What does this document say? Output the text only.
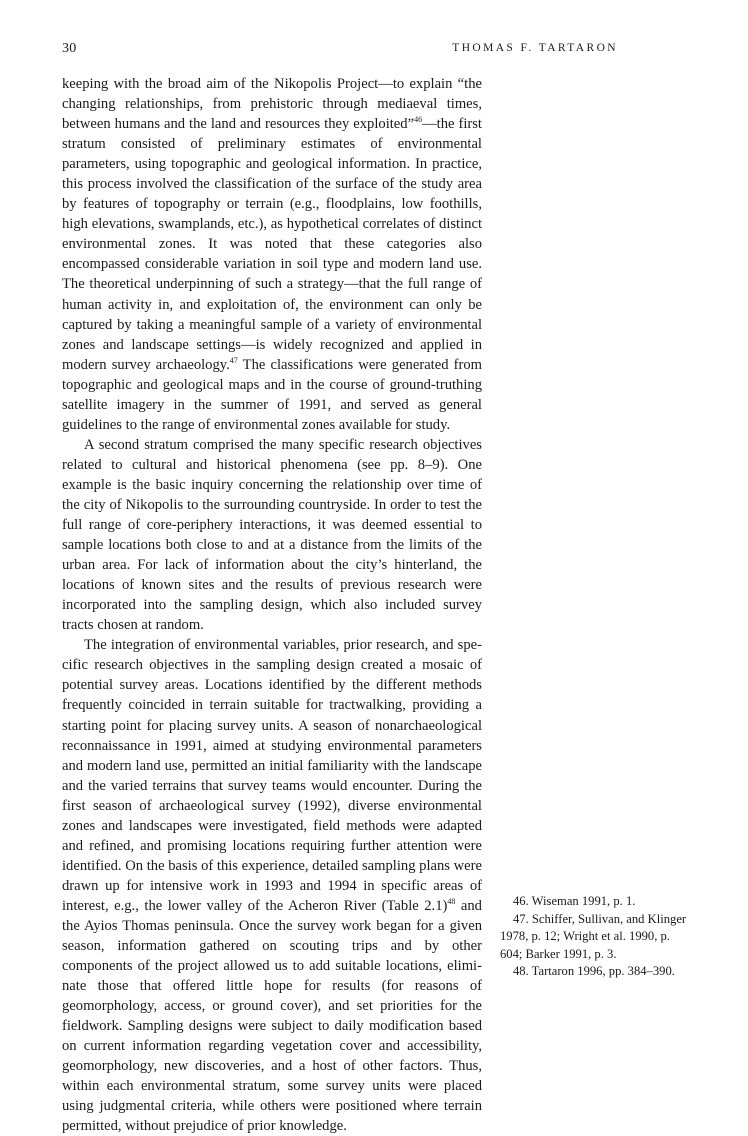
30	THOMAS F. TARTARON

keeping with the broad aim of the Nikopolis Project—to explain “the changing relationships, from prehistoric through mediaeval times, between humans and the land and resources they exploited”$^{46}$—the first stratum consisted of preliminary estimates of environmental parameters, using topographic and geological information. In practice, this process involved the classification of the surface of the study area by features of topography or terrain (e.g., floodplains, low foothills, high elevations, swamplands, etc.), as hypothetical correlates of distinct environmental zones. It was noted that these categories also encompassed considerable variation in soil type and modern land use. The theoretical underpinning of such a strategy—that the full range of human activity in, and exploitation of, the environment can only be captured by taking a meaningful sample of a variety of environmental zones and landscape settings—is widely recognized and applied in modern survey archaeology.$^{47}$ The classifications were generated from topographic and geological maps and in the course of ground-truthing satellite imagery in the summer of 1991, and served as general guidelines to the range of environmental zones available for study.

A second stratum comprised the many specific research objectives related to cultural and historical phenomena (see pp. 8–9). One example is the basic inquiry concerning the relationship over time of the city of Nikopolis to the surrounding countryside. In order to test the full range of core-periphery interactions, it was deemed essential to sample locations both close to and at a distance from the limits of the urban area. For lack of information about the city’s hinterland, the locations of known sites and the results of previous research were incorporated into the sampling design, which also included survey tracts chosen at random.

The integration of environmental variables, prior research, and specific research objectives in the sampling design created a mosaic of potential survey areas. Locations identified by the different methods frequently coincided in terrain suitable for tractwalking, providing a starting point for placing survey units. A season of nonarchaeological reconnaissance in 1991, aimed at studying environmental parameters and modern land use, permitted an initial familiarity with the landscape and the varied terrains that survey teams would encounter. During the first season of archaeological survey (1992), diverse environmental zones and landscapes were investigated, field methods were adapted and refined, and promising locations requiring further attention were identified. On the basis of this experience, detailed sampling plans were drawn up for intensive work in 1993 and 1994 in specific areas of interest, e.g., the lower valley of the Acheron River (Table 2.1)$^{48}$ and the Ayios Thomas peninsula. Once the survey work began for a given season, information gathered on scouting trips and by other components of the project allowed us to add suitable locations, eliminate those that offered little hope for results (for reasons of geomorphology, access, or ground cover), and set priorities for the fieldwork. Sampling designs were subject to daily modification based on current information regarding vegetation cover and accessibility, geomorphology, new discoveries, and a host of other factors. Thus, within each environmental stratum, some survey units were placed using judgmental criteria, while others were positioned where terrain permitted, without prejudice of prior knowledge.

46. Wiseman 1991, p. 1.

47. Schiffer, Sullivan, and Klinger 1978, p. 12; Wright et al. 1990, p. 604; Barker 1991, p. 3.

48. Tartaron 1996, pp. 384–390.
